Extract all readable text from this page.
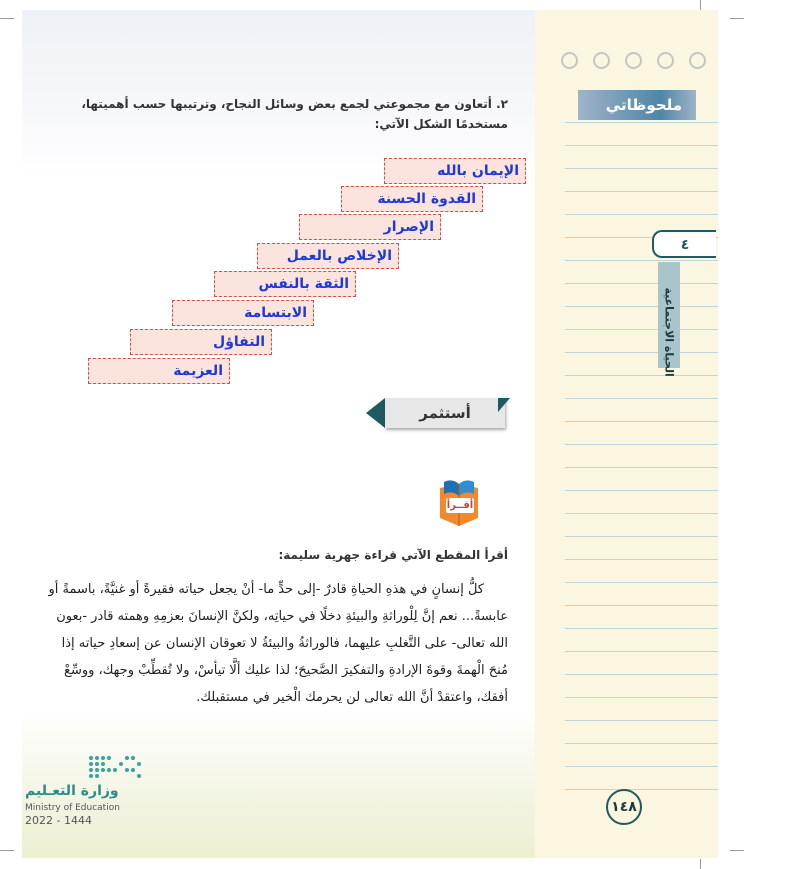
٢. أتعاون مع مجموعتي لجمع بعض وسائل النجاح، وترتيبها حسب أهميتها، مستخدمًا الشكل الآتي:
الإيمان بالله
القدوة الحسنة
الإصرار
الإخلاص بالعمل
الثقة بالنفس
الابتسامة
التفاؤل
العزيمة
أستثمر
أقــرأ
أقرأ المقطع الآتي قراءة جهرية سليمة:
كلُّ إنسانٍ في هذهِ الحياةِ قادرٌ -إلى حدٍّ ما- أنْ يجعل حياته فقيرةً أو غنيَّةً، باسمةً أو عابسةً... نعم إنَّ لِلْوراثةِ والبيئةِ دخلًا في حياتِه، ولكنَّ الإنسانَ بعزمِهِ وهمته قادر -بعون الله تعالى- على التَّغلبِ عليهما، فالوراثةُ والبيئةُ لا تعوقان الإنسان عن إسعادِ حياته إذا مُنحَ الْهمةَ وقوةَ الإرادةِ والتفكيرَ الصَّحيحَ؛ لذا عليك ألَّا تيأسْ، ولا تُقطِّبْ وجهك، ووسِّعْ أفقك، واعتقدْ أنَّ الله تعالى لن يحرمك الْخير في مستقبلك.
وزارة التعـليم
Ministry of Education
2022 - 1444
ملحوظاتي
٤
١٤٨
